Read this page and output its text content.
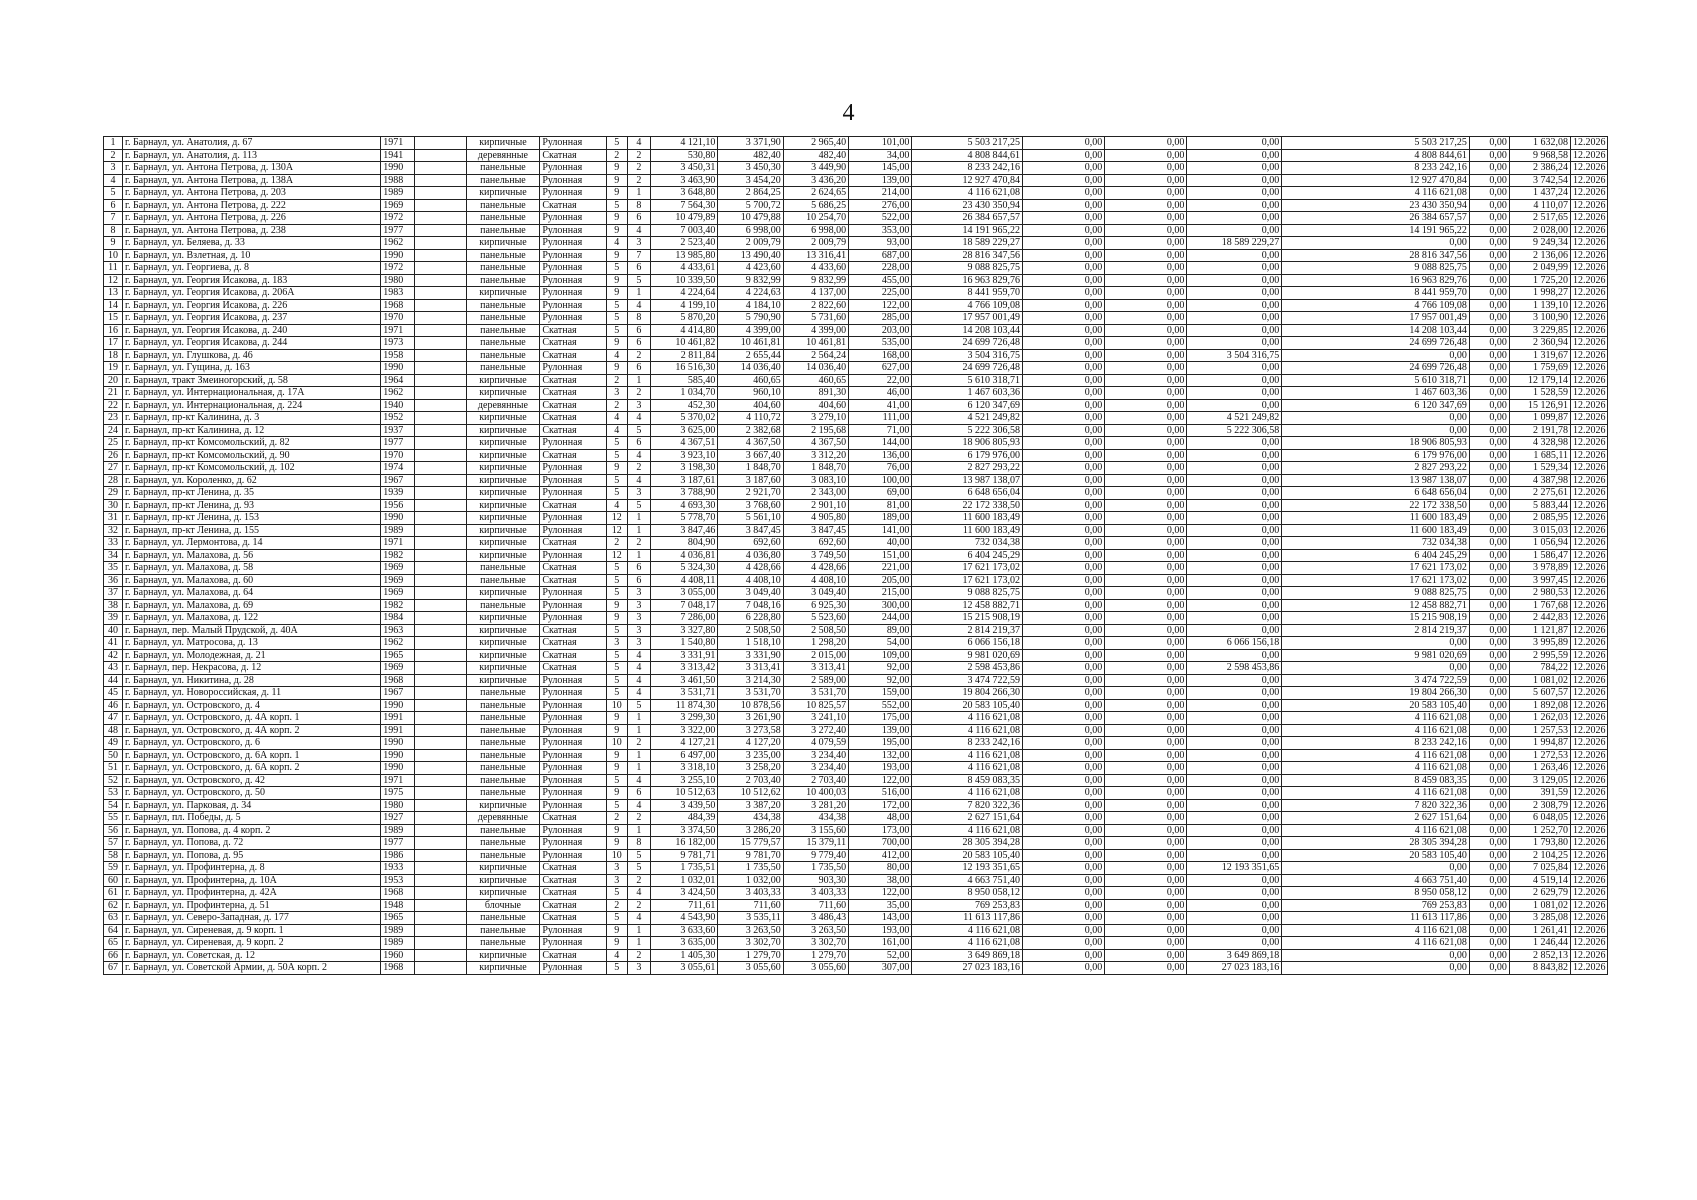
4
1	г. Барнаул, ул. Анатолия, д. 67	1971		кирпичные	Рулонная	5	4	4 121,10	3 371,90	2 965,40	101,00	5 503 217,25	0,00	0,00	0,00	5 503 217,25	0,00	1 632,08	12.2026
2	г. Барнаул, ул. Анатолия, д. 113	1941		деревянные	Скатная	2	2	530,80	482,40	482,40	34,00	4 808 844,61	0,00	0,00	0,00	4 808 844,61	0,00	9 968,58	12.2026
3	г. Барнаул, ул. Антона Петрова, д. 130А	1990		панельные	Рулонная	9	2	3 450,31	3 450,30	3 449,90	145,00	8 233 242,16	0,00	0,00	0,00	8 233 242,16	0,00	2 386,24	12.2026
4	г. Барнаул, ул. Антона Петрова, д. 138А	1988		панельные	Рулонная	9	2	3 463,90	3 454,20	3 436,20	139,00	12 927 470,84	0,00	0,00	0,00	12 927 470,84	0,00	3 742,54	12.2026
5	г. Барнаул, ул. Антона Петрова, д. 203	1989		кирпичные	Рулонная	9	1	3 648,80	2 864,25	2 624,65	214,00	4 116 621,08	0,00	0,00	0,00	4 116 621,08	0,00	1 437,24	12.2026
6	г. Барнаул, ул. Антона Петрова, д. 222	1969		панельные	Скатная	5	8	7 564,30	5 700,72	5 686,25	276,00	23 430 350,94	0,00	0,00	0,00	23 430 350,94	0,00	4 110,07	12.2026
7	г. Барнаул, ул. Антона Петрова, д. 226	1972		панельные	Рулонная	9	6	10 479,89	10 479,88	10 254,70	522,00	26 384 657,57	0,00	0,00	0,00	26 384 657,57	0,00	2 517,65	12.2026
8	г. Барнаул, ул. Антона Петрова, д. 238	1977		панельные	Рулонная	9	4	7 003,40	6 998,00	6 998,00	353,00	14 191 965,22	0,00	0,00	0,00	14 191 965,22	0,00	2 028,00	12.2026
9	г. Барнаул, ул. Беляева, д. 33	1962		кирпичные	Рулонная	4	3	2 523,40	2 009,79	2 009,79	93,00	18 589 229,27	0,00	0,00	18 589 229,27	0,00	0,00	9 249,34	12.2026
10	г. Барнаул, ул. Взлетная, д. 10	1990		панельные	Рулонная	9	7	13 985,80	13 490,40	13 316,41	687,00	28 816 347,56	0,00	0,00	0,00	28 816 347,56	0,00	2 136,06	12.2026
11	г. Барнаул, ул. Георгиева, д. 8	1972		панельные	Рулонная	5	6	4 433,61	4 423,60	4 433,60	228,00	9 088 825,75	0,00	0,00	0,00	9 088 825,75	0,00	2 049,99	12.2026
12	г. Барнаул, ул. Георгия Исакова, д. 183	1980		панельные	Рулонная	9	5	10 339,50	9 832,99	9 832,99	455,00	16 963 829,76	0,00	0,00	0,00	16 963 829,76	0,00	1 725,20	12.2026
13	г. Барнаул, ул. Георгия Исакова, д. 206А	1983		кирпичные	Рулонная	9	1	4 224,64	4 224,63	4 137,00	225,00	8 441 959,70	0,00	0,00	0,00	8 441 959,70	0,00	1 998,27	12.2026
14	г. Барнаул, ул. Георгия Исакова, д. 226	1968		панельные	Рулонная	5	4	4 199,10	4 184,10	2 822,60	122,00	4 766 109,08	0,00	0,00	0,00	4 766 109,08	0,00	1 139,10	12.2026
15	г. Барнаул, ул. Георгия Исакова, д. 237	1970		панельные	Рулонная	5	8	5 870,20	5 790,90	5 731,60	285,00	17 957 001,49	0,00	0,00	0,00	17 957 001,49	0,00	3 100,90	12.2026
16	г. Барнаул, ул. Георгия Исакова, д. 240	1971		панельные	Скатная	5	6	4 414,80	4 399,00	4 399,00	203,00	14 208 103,44	0,00	0,00	0,00	14 208 103,44	0,00	3 229,85	12.2026
17	г. Барнаул, ул. Георгия Исакова, д. 244	1973		панельные	Скатная	9	6	10 461,82	10 461,81	10 461,81	535,00	24 699 726,48	0,00	0,00	0,00	24 699 726,48	0,00	2 360,94	12.2026
18	г. Барнаул, ул. Глушкова, д. 46	1958		панельные	Скатная	4	2	2 811,84	2 655,44	2 564,24	168,00	3 504 316,75	0,00	0,00	3 504 316,75	0,00	0,00	1 319,67	12.2026
19	г. Барнаул, ул. Гущина, д. 163	1990		панельные	Рулонная	9	6	16 516,30	14 036,40	14 036,40	627,00	24 699 726,48	0,00	0,00	0,00	24 699 726,48	0,00	1 759,69	12.2026
20	г. Барнаул, тракт Змеиногорский, д. 58	1964		кирпичные	Скатная	2	1	585,40	460,65	460,65	22,00	5 610 318,71	0,00	0,00	0,00	5 610 318,71	0,00	12 179,14	12.2026
21	г. Барнаул, ул. Интернациональная, д. 17А	1962		кирпичные	Скатная	3	2	1 034,70	960,10	891,30	46,00	1 467 603,36	0,00	0,00	0,00	1 467 603,36	0,00	1 528,59	12.2026
22	г. Барнаул, ул. Интернациональная, д. 224	1940		деревянные	Скатная	2	3	452,30	404,60	404,60	41,00	6 120 347,69	0,00	0,00	0,00	6 120 347,69	0,00	15 126,91	12.2026
23	г. Барнаул, пр-кт Калинина, д. 3	1952		кирпичные	Скатная	4	4	5 370,02	4 110,72	3 279,10	111,00	4 521 249,82	0,00	0,00	4 521 249,82	0,00	0,00	1 099,87	12.2026
24	г. Барнаул, пр-кт Калинина, д. 12	1937		кирпичные	Скатная	4	5	3 625,00	2 382,68	2 195,68	71,00	5 222 306,58	0,00	0,00	5 222 306,58	0,00	0,00	2 191,78	12.2026
25	г. Барнаул, пр-кт Комсомольский, д. 82	1977		кирпичные	Рулонная	5	6	4 367,51	4 367,50	4 367,50	144,00	18 906 805,93	0,00	0,00	0,00	18 906 805,93	0,00	4 328,98	12.2026
26	г. Барнаул, пр-кт Комсомольский, д. 90	1970		кирпичные	Скатная	5	4	3 923,10	3 667,40	3 312,20	136,00	6 179 976,00	0,00	0,00	0,00	6 179 976,00	0,00	1 685,11	12.2026
27	г. Барнаул, пр-кт Комсомольский, д. 102	1974		кирпичные	Рулонная	9	2	3 198,30	1 848,70	1 848,70	76,00	2 827 293,22	0,00	0,00	0,00	2 827 293,22	0,00	1 529,34	12.2026
28	г. Барнаул, ул. Короленко, д. 62	1967		кирпичные	Рулонная	5	4	3 187,61	3 187,60	3 083,10	100,00	13 987 138,07	0,00	0,00	0,00	13 987 138,07	0,00	4 387,98	12.2026
29	г. Барнаул, пр-кт Ленина, д. 35	1939		кирпичные	Рулонная	5	3	3 788,90	2 921,70	2 343,00	69,00	6 648 656,04	0,00	0,00	0,00	6 648 656,04	0,00	2 275,61	12.2026
30	г. Барнаул, пр-кт Ленина, д. 93	1956		кирпичные	Скатная	4	5	4 693,30	3 768,60	2 901,10	81,00	22 172 338,50	0,00	0,00	0,00	22 172 338,50	0,00	5 883,44	12.2026
31	г. Барнаул, пр-кт Ленина, д. 153	1990		кирпичные	Рулонная	12	1	5 778,70	5 561,10	4 905,80	189,00	11 600 183,49	0,00	0,00	0,00	11 600 183,49	0,00	2 085,95	12.2026
32	г. Барнаул, пр-кт Ленина, д. 155	1989		кирпичные	Рулонная	12	1	3 847,46	3 847,45	3 847,45	141,00	11 600 183,49	0,00	0,00	0,00	11 600 183,49	0,00	3 015,03	12.2026
33	г. Барнаул, ул. Лермонтова, д. 14	1971		кирпичные	Скатная	2	2	804,90	692,60	692,60	40,00	732 034,38	0,00	0,00	0,00	732 034,38	0,00	1 056,94	12.2026
34	г. Барнаул, ул. Малахова, д. 56	1982		кирпичные	Рулонная	12	1	4 036,81	4 036,80	3 749,50	151,00	6 404 245,29	0,00	0,00	0,00	6 404 245,29	0,00	1 586,47	12.2026
35	г. Барнаул, ул. Малахова, д. 58	1969		панельные	Скатная	5	6	5 324,30	4 428,66	4 428,66	221,00	17 621 173,02	0,00	0,00	0,00	17 621 173,02	0,00	3 978,89	12.2026
36	г. Барнаул, ул. Малахова, д. 60	1969		панельные	Скатная	5	6	4 408,11	4 408,10	4 408,10	205,00	17 621 173,02	0,00	0,00	0,00	17 621 173,02	0,00	3 997,45	12.2026
37	г. Барнаул, ул. Малахова, д. 64	1969		кирпичные	Рулонная	5	3	3 055,00	3 049,40	3 049,40	215,00	9 088 825,75	0,00	0,00	0,00	9 088 825,75	0,00	2 980,53	12.2026
38	г. Барнаул, ул. Малахова, д. 69	1982		панельные	Рулонная	9	3	7 048,17	7 048,16	6 925,30	300,00	12 458 882,71	0,00	0,00	0,00	12 458 882,71	0,00	1 767,68	12.2026
39	г. Барнаул, ул. Малахова, д. 122	1984		кирпичные	Рулонная	9	3	7 286,00	6 228,80	5 523,60	244,00	15 215 908,19	0,00	0,00	0,00	15 215 908,19	0,00	2 442,83	12.2026
40	г. Барнаул, пер. Малый Прудской, д. 40А	1963		кирпичные	Скатная	5	3	3 327,80	2 508,50	2 508,50	89,00	2 814 219,37	0,00	0,00	0,00	2 814 219,37	0,00	1 121,87	12.2026
41	г. Барнаул, ул. Матросова, д. 13	1962		кирпичные	Скатная	3	3	1 540,80	1 518,10	1 298,20	54,00	6 066 156,18	0,00	0,00	6 066 156,18	0,00	0,00	3 995,89	12.2026
42	г. Барнаул, ул. Молодежная, д. 21	1965		кирпичные	Скатная	5	4	3 331,91	3 331,90	2 015,00	109,00	9 981 020,69	0,00	0,00	0,00	9 981 020,69	0,00	2 995,59	12.2026
43	г. Барнаул, пер. Некрасова, д. 12	1969		кирпичные	Скатная	5	4	3 313,42	3 313,41	3 313,41	92,00	2 598 453,86	0,00	0,00	2 598 453,86	0,00	0,00	784,22	12.2026
44	г. Барнаул, ул. Никитина, д. 28	1968		кирпичные	Рулонная	5	4	3 461,50	3 214,30	2 589,00	92,00	3 474 722,59	0,00	0,00	0,00	3 474 722,59	0,00	1 081,02	12.2026
45	г. Барнаул, ул. Новороссийская, д. 11	1967		панельные	Рулонная	5	4	3 531,71	3 531,70	3 531,70	159,00	19 804 266,30	0,00	0,00	0,00	19 804 266,30	0,00	5 607,57	12.2026
46	г. Барнаул, ул. Островского, д. 4	1990		панельные	Рулонная	10	5	11 874,30	10 878,56	10 825,57	552,00	20 583 105,40	0,00	0,00	0,00	20 583 105,40	0,00	1 892,08	12.2026
47	г. Барнаул, ул. Островского, д. 4А корп. 1	1991		панельные	Рулонная	9	1	3 299,30	3 261,90	3 241,10	175,00	4 116 621,08	0,00	0,00	0,00	4 116 621,08	0,00	1 262,03	12.2026
48	г. Барнаул, ул. Островского, д. 4А корп. 2	1991		панельные	Рулонная	9	1	3 322,00	3 273,58	3 272,40	139,00	4 116 621,08	0,00	0,00	0,00	4 116 621,08	0,00	1 257,53	12.2026
49	г. Барнаул, ул. Островского, д. 6	1990		панельные	Рулонная	10	2	4 127,21	4 127,20	4 079,59	195,00	8 233 242,16	0,00	0,00	0,00	8 233 242,16	0,00	1 994,87	12.2026
50	г. Барнаул, ул. Островского, д. 6А корп. 1	1990		панельные	Рулонная	9	1	6 497,00	3 235,00	3 234,40	132,00	4 116 621,08	0,00	0,00	0,00	4 116 621,08	0,00	1 272,53	12.2026
51	г. Барнаул, ул. Островского, д. 6А корп. 2	1990		панельные	Рулонная	9	1	3 318,10	3 258,20	3 234,40	193,00	4 116 621,08	0,00	0,00	0,00	4 116 621,08	0,00	1 263,46	12.2026
52	г. Барнаул, ул. Островского, д. 42	1971		панельные	Рулонная	5	4	3 255,10	2 703,40	2 703,40	122,00	8 459 083,35	0,00	0,00	0,00	8 459 083,35	0,00	3 129,05	12.2026
53	г. Барнаул, ул. Островского, д. 50	1975		панельные	Рулонная	9	6	10 512,63	10 512,62	10 400,03	516,00	4 116 621,08	0,00	0,00	0,00	4 116 621,08	0,00	391,59	12.2026
54	г. Барнаул, ул. Парковая, д. 34	1980		кирпичные	Рулонная	5	4	3 439,50	3 387,20	3 281,20	172,00	7 820 322,36	0,00	0,00	0,00	7 820 322,36	0,00	2 308,79	12.2026
55	г. Барнаул, пл. Победы, д. 5	1927		деревянные	Скатная	2	2	484,39	434,38	434,38	48,00	2 627 151,64	0,00	0,00	0,00	2 627 151,64	0,00	6 048,05	12.2026
56	г. Барнаул, ул. Попова, д. 4 корп. 2	1989		панельные	Рулонная	9	1	3 374,50	3 286,20	3 155,60	173,00	4 116 621,08	0,00	0,00	0,00	4 116 621,08	0,00	1 252,70	12.2026
57	г. Барнаул, ул. Попова, д. 72	1977		панельные	Рулонная	9	8	16 182,00	15 779,57	15 379,11	700,00	28 305 394,28	0,00	0,00	0,00	28 305 394,28	0,00	1 793,80	12.2026
58	г. Барнаул, ул. Попова, д. 95	1986		панельные	Рулонная	10	5	9 781,71	9 781,70	9 779,40	412,00	20 583 105,40	0,00	0,00	0,00	20 583 105,40	0,00	2 104,25	12.2026
59	г. Барнаул, ул. Профинтерна, д. 8	1933		кирпичные	Скатная	3	5	1 735,51	1 735,50	1 735,50	80,00	12 193 351,65	0,00	0,00	12 193 351,65	0,00	0,00	7 025,84	12.2026
60	г. Барнаул, ул. Профинтерна, д. 10А	1953		кирпичные	Скатная	3	2	1 032,01	1 032,00	903,30	38,00	4 663 751,40	0,00	0,00	0,00	4 663 751,40	0,00	4 519,14	12.2026
61	г. Барнаул, ул. Профинтерна, д. 42А	1968		кирпичные	Скатная	5	4	3 424,50	3 403,33	3 403,33	122,00	8 950 058,12	0,00	0,00	0,00	8 950 058,12	0,00	2 629,79	12.2026
62	г. Барнаул, ул. Профинтерна, д. 51	1948		блочные	Скатная	2	2	711,61	711,60	711,60	35,00	769 253,83	0,00	0,00	0,00	769 253,83	0,00	1 081,02	12.2026
63	г. Барнаул, ул. Северо-Западная, д. 177	1965		панельные	Скатная	5	4	4 543,90	3 535,11	3 486,43	143,00	11 613 117,86	0,00	0,00	0,00	11 613 117,86	0,00	3 285,08	12.2026
64	г. Барнаул, ул. Сиреневая, д. 9 корп. 1	1989		панельные	Рулонная	9	1	3 633,60	3 263,50	3 263,50	193,00	4 116 621,08	0,00	0,00	0,00	4 116 621,08	0,00	1 261,41	12.2026
65	г. Барнаул, ул. Сиреневая, д. 9 корп. 2	1989		панельные	Рулонная	9	1	3 635,00	3 302,70	3 302,70	161,00	4 116 621,08	0,00	0,00	0,00	4 116 621,08	0,00	1 246,44	12.2026
66	г. Барнаул, ул. Советская, д. 12	1960		кирпичные	Скатная	4	2	1 405,30	1 279,70	1 279,70	52,00	3 649 869,18	0,00	0,00	3 649 869,18	0,00	0,00	2 852,13	12.2026
67	г. Барнаул, ул. Советской Армии, д. 50А корп. 2	1968		кирпичные	Рулонная	5	3	3 055,61	3 055,60	3 055,60	307,00	27 023 183,16	0,00	0,00	27 023 183,16	0,00	0,00	8 843,82	12.2026
